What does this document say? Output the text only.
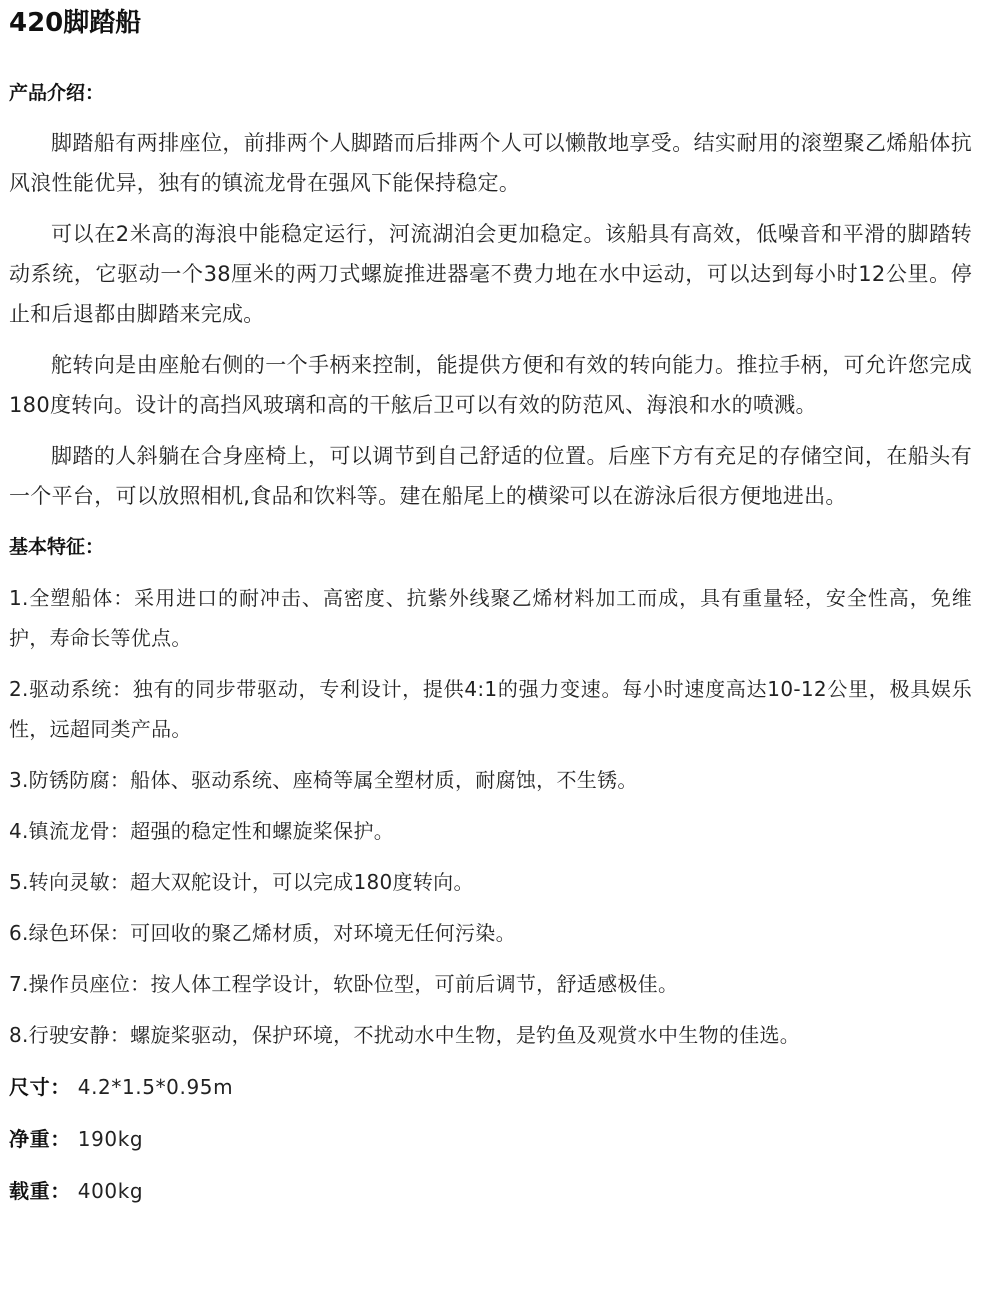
420脚踏船
产品介绍：

脚踏船有两排座位，前排两个人脚踏而后排两个人可以懒散地享受。结实耐用的滚塑聚乙烯船体抗风浪性能优异，独有的镇流龙骨在强风下能保持稳定。

可以在2米高的海浪中能稳定运行，河流湖泊会更加稳定。该船具有高效，低噪音和平滑的脚踏转动系统，它驱动一个38厘米的两刀式螺旋推进器毫不费力地在水中运动，可以达到每小时12公里。停止和后退都由脚踏来完成。

舵转向是由座舱右侧的一个手柄来控制，能提供方便和有效的转向能力。推拉手柄，可允许您完成180度转向。设计的高挡风玻璃和高的干舷后卫可以有效的防范风、海浪和水的喷溅。

脚踏的人斜躺在合身座椅上，可以调节到自己舒适的位置。后座下方有充足的存储空间，在船头有一个平台，可以放照相机,食品和饮料等。建在船尾上的横梁可以在游泳后很方便地进出。

基本特征：

1.全塑船体：采用进口的耐冲击、高密度、抗紫外线聚乙烯材料加工而成，具有重量轻，安全性高，免维护，寿命长等优点。

2.驱动系统：独有的同步带驱动，专利设计，提供4:1的强力变速。每小时速度高达10-12公里，极具娱乐性，远超同类产品。

3.防锈防腐：船体、驱动系统、座椅等属全塑材质，耐腐蚀，不生锈。

4.镇流龙骨：超强的稳定性和螺旋桨保护。

5.转向灵敏：超大双舵设计，可以完成180度转向。

6.绿色环保：可回收的聚乙烯材质，对环境无任何污染。

7.操作员座位：按人体工程学设计，软卧位型，可前后调节，舒适感极佳。

8.行驶安静：螺旋桨驱动，保护环境，不扰动水中生物，是钓鱼及观赏水中生物的佳选。

尺寸： 4.2*1.5*0.95m

净重： 190kg

载重： 400kg
